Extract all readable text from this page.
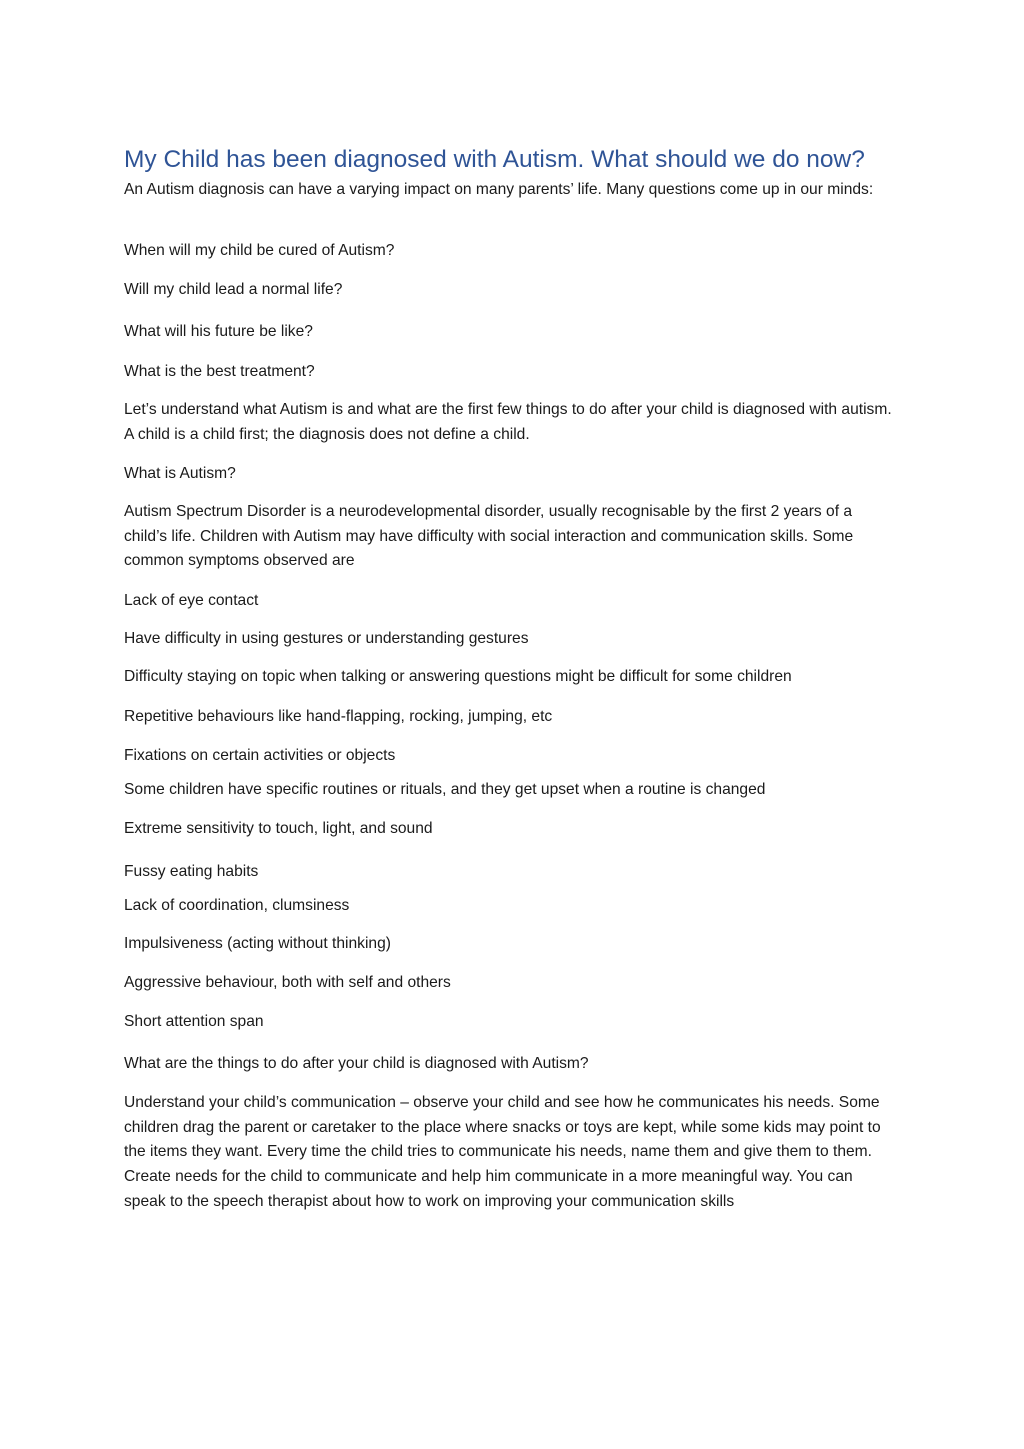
My Child has been diagnosed with Autism. What should we do now?

An Autism diagnosis can have a varying impact on many parents’ life. Many questions come up in our minds:

When will my child be cured of Autism?

Will my child lead a normal life?

What will his future be like?

What is the best treatment?

Let’s understand what Autism is and what are the first few things to do after your child is diagnosed with autism. A child is a child first; the diagnosis does not define a child.

What is Autism?

Autism Spectrum Disorder is a neurodevelopmental disorder, usually recognisable by the first 2 years of a child’s life. Children with Autism may have difficulty with social interaction and communication skills. Some common symptoms observed are

Lack of eye contact

Have difficulty in using gestures or understanding gestures

Difficulty staying on topic when talking or answering questions might be difficult for some children

Repetitive behaviours like hand-flapping, rocking, jumping, etc

Fixations on certain activities or objects

Some children have specific routines or rituals, and they get upset when a routine is changed

Extreme sensitivity to touch, light, and sound

Fussy eating habits

Lack of coordination, clumsiness

Impulsiveness (acting without thinking)

Aggressive behaviour, both with self and others

Short attention span

What are the things to do after your child is diagnosed with Autism?

Understand your child’s communication – observe your child and see how he communicates his needs. Some children drag the parent or caretaker to the place where snacks or toys are kept, while some kids may point to the items they want. Every time the child tries to communicate his needs, name them and give them to them. Create needs for the child to communicate and help him communicate in a more meaningful way. You can speak to the speech therapist about how to work on improving your communication skills
